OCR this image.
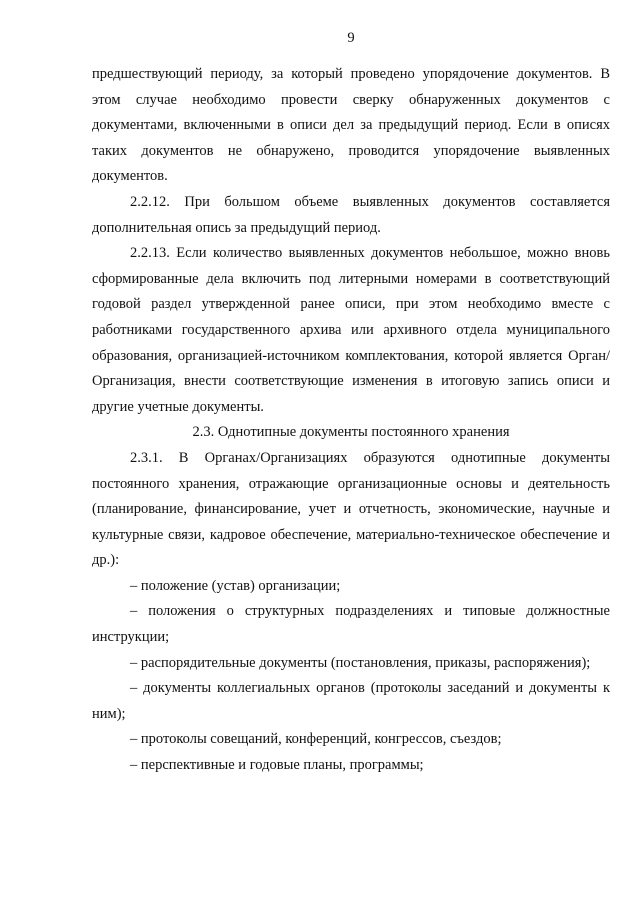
9

предшествующий периоду, за который проведено упорядочение документов. В этом случае необходимо провести сверку обнаруженных документов с документами, включенными в описи дел за предыдущий период. Если в описях таких документов не обнаружено, проводится упорядочение выявленных документов.

2.2.12. При большом объеме выявленных документов составляется дополнительная опись за предыдущий период.

2.2.13. Если количество выявленных документов небольшое, можно вновь сформированные дела включить под литерными номерами в соответствующий годовой раздел утвержденной ранее описи, при этом необходимо вместе с работниками государственного архива или архивного отдела муниципального образования, организацией-источником комплектования, которой является Орган/Организация, внести соответствующие изменения в итоговую запись описи и другие учетные документы.

2.3. Однотипные документы постоянного хранения

2.3.1. В Органах/Организациях образуются однотипные документы постоянного хранения, отражающие организационные основы и деятельность (планирование, финансирование, учет и отчетность, экономические, научные и культурные связи, кадровое обеспечение, материально-техническое обеспечение и др.):

– положение (устав) организации;

– положения о структурных подразделениях и типовые должностные инструкции;

– распорядительные документы (постановления, приказы, распоряжения);

– документы коллегиальных органов (протоколы заседаний и документы к ним);

– протоколы совещаний, конференций, конгрессов, съездов;

– перспективные и годовые планы, программы;
